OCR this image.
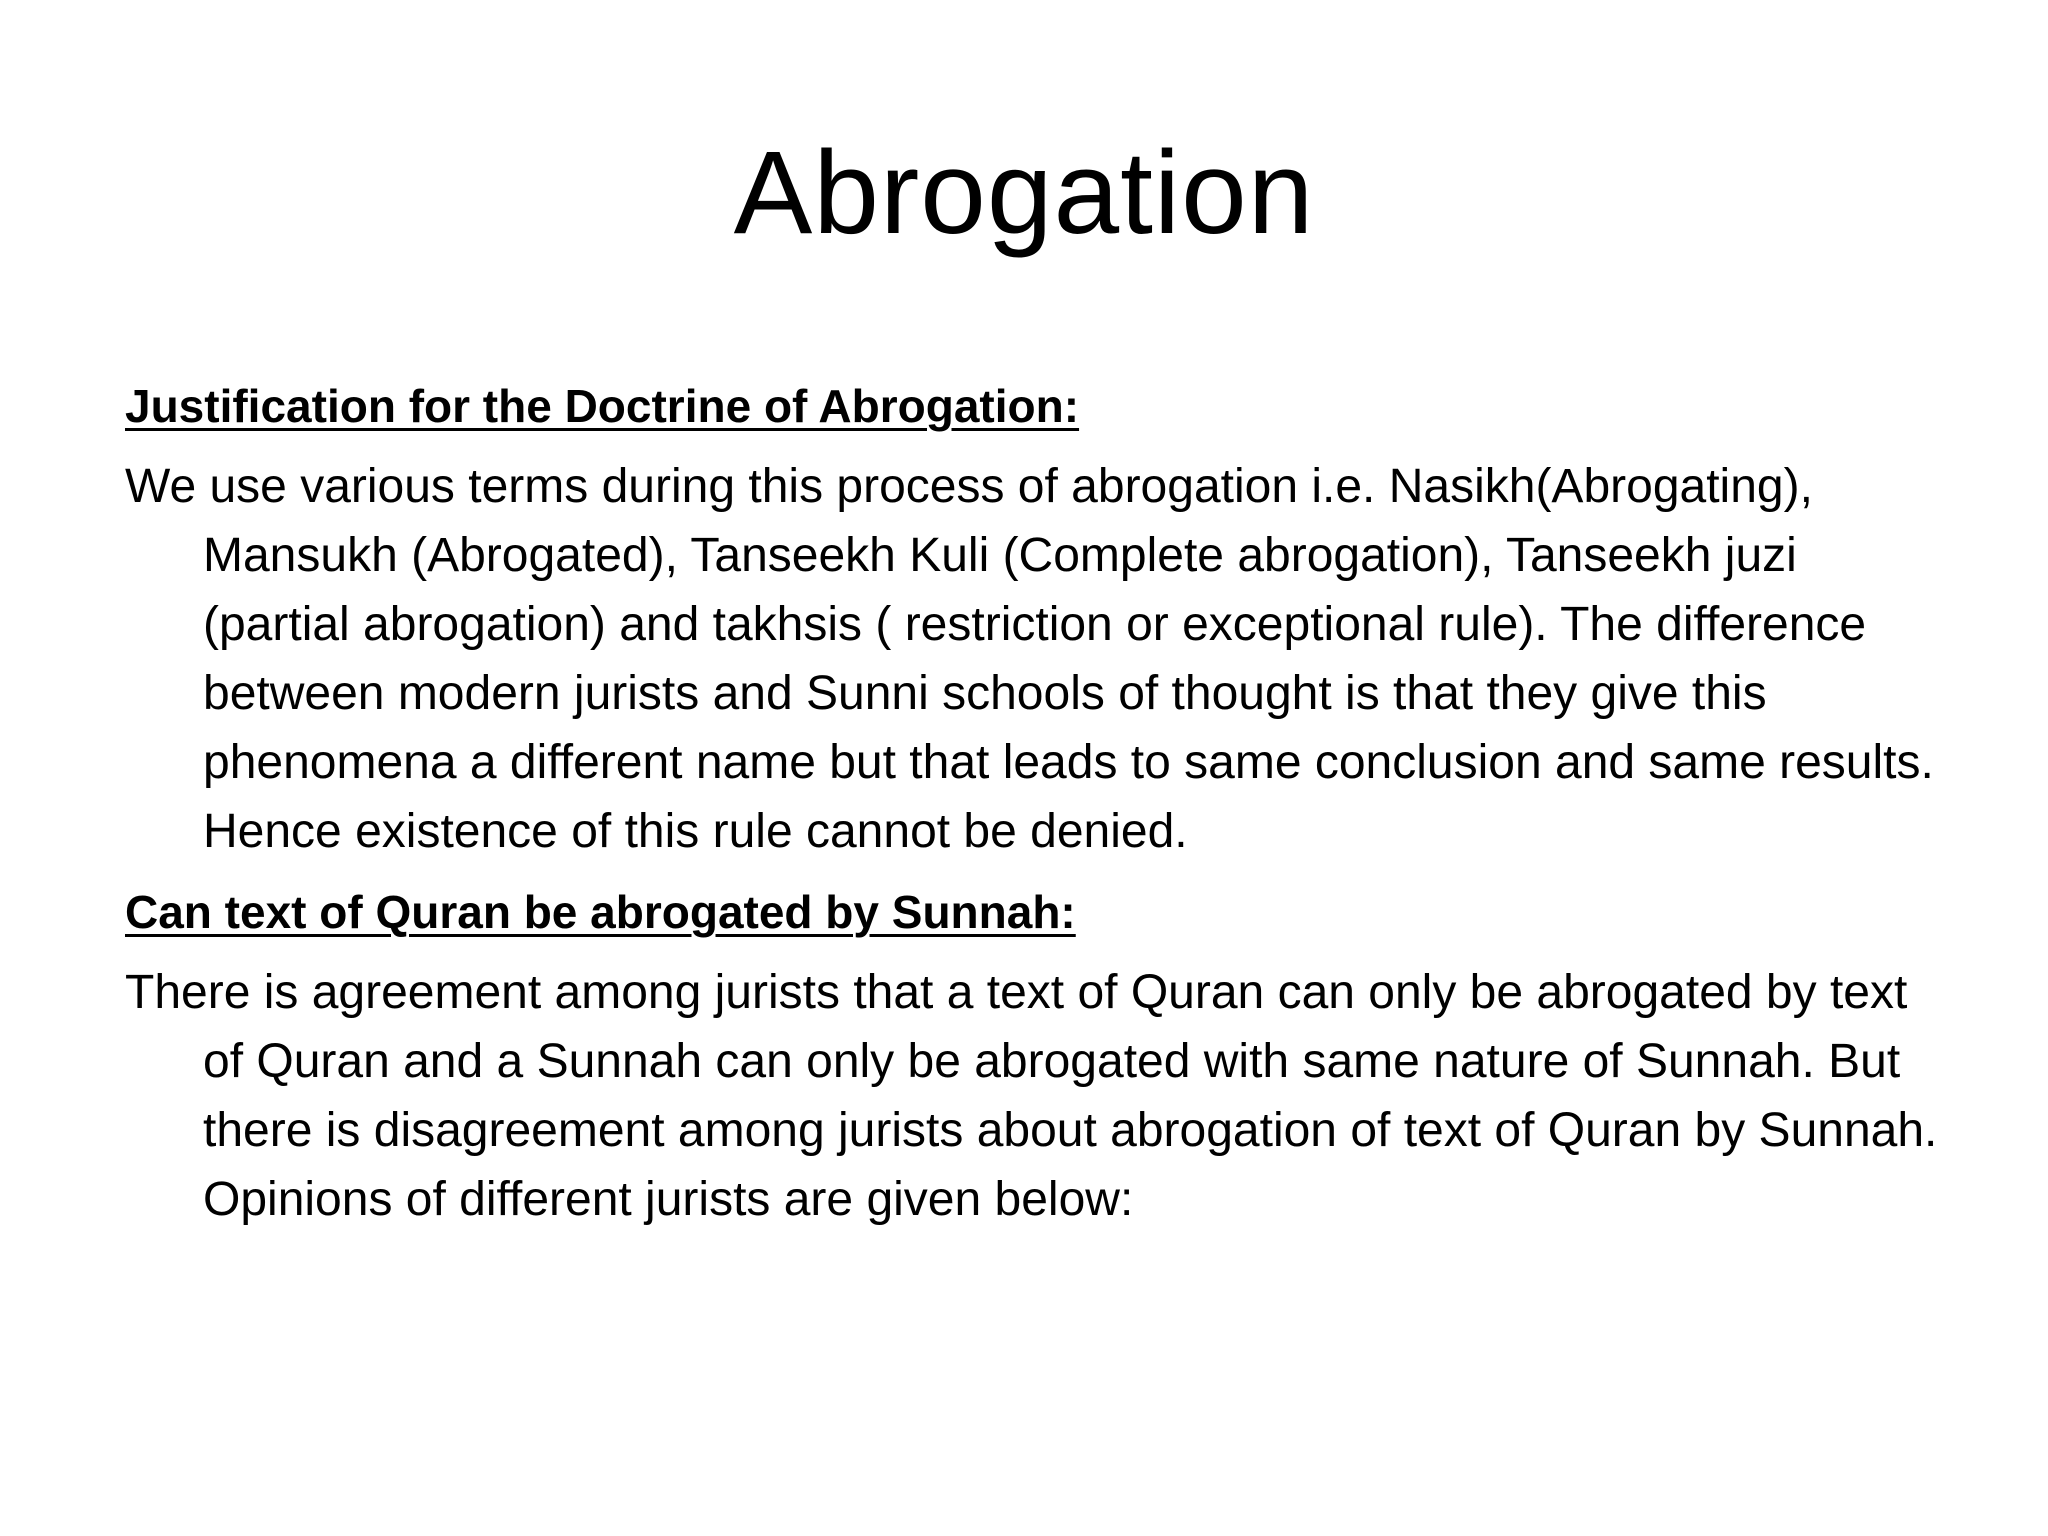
Abrogation
Justification for the Doctrine of Abrogation:
We use various terms during this process of abrogation i.e. Nasikh(Abrogating), Mansukh (Abrogated), Tanseekh Kuli (Complete abrogation), Tanseekh juzi (partial abrogation) and takhsis ( restriction or exceptional rule). The difference between modern jurists and Sunni schools of thought is that they give this phenomena a different name but that leads to same conclusion and same results. Hence existence of this rule cannot be denied.
Can text of Quran be abrogated by Sunnah:
There is agreement among jurists that a text of Quran can only be abrogated by text of Quran and a Sunnah can only be abrogated with same nature of Sunnah. But there is disagreement among jurists about abrogation of text of Quran by Sunnah. Opinions of different jurists are given below:
